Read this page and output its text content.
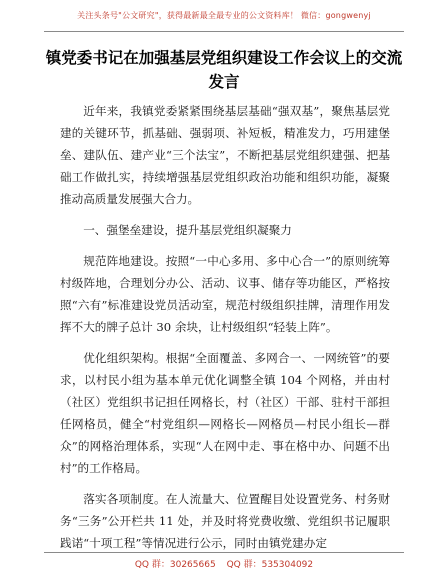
关注头条号"公文研究"，获得最新最全最专业的公文资料库！ 微信：gongwenyj
镇党委书记在加强基层党组织建设工作会议上的交流发言

近年来，我镇党委紧紧围绕基层基础“强双基”，聚焦基层党建的关键环节，抓基础、强弱项、补短板，精准发力，巧用建堡垒、建队伍、建产业“三个法宝”，不断把基层党组织建强、把基础工作做扎实，持续增强基层党组织政治功能和组织功能，凝聚推动高质量发展强大合力。

一、强堡垒建设，提升基层党组织凝聚力

规范阵地建设。按照“一中心多用、多中心合一”的原则统筹村级阵地，合理划分办公、活动、议事、储存等功能区，严格按照“六有”标准建设党员活动室，规范村级组织挂牌，清理作用发挥不大的牌子总计 30 余块，让村级组织“轻装上阵”。

优化组织架构。根据“全面覆盖、多网合一、一网统管”的要求，以村民小组为基本单元优化调整全镇 104 个网格，并由村（社区）党组织书记担任网格长，村（社区）干部、驻村干部担任网格员，健全“村党组织—网格长—网格员—村民小组长—群众”的网格治理体系，实现“人在网中走、事在格中办、问题不出村”的工作格局。

落实各项制度。在人流量大、位置醒目处设置党务、村务财务“三务”公开栏共 11 处，并及时将党费收缴、党组织书记履职践诺“十项工程”等情况进行公示，同时由镇党建办定

QQ 群：30265665 QQ 群：535304092
